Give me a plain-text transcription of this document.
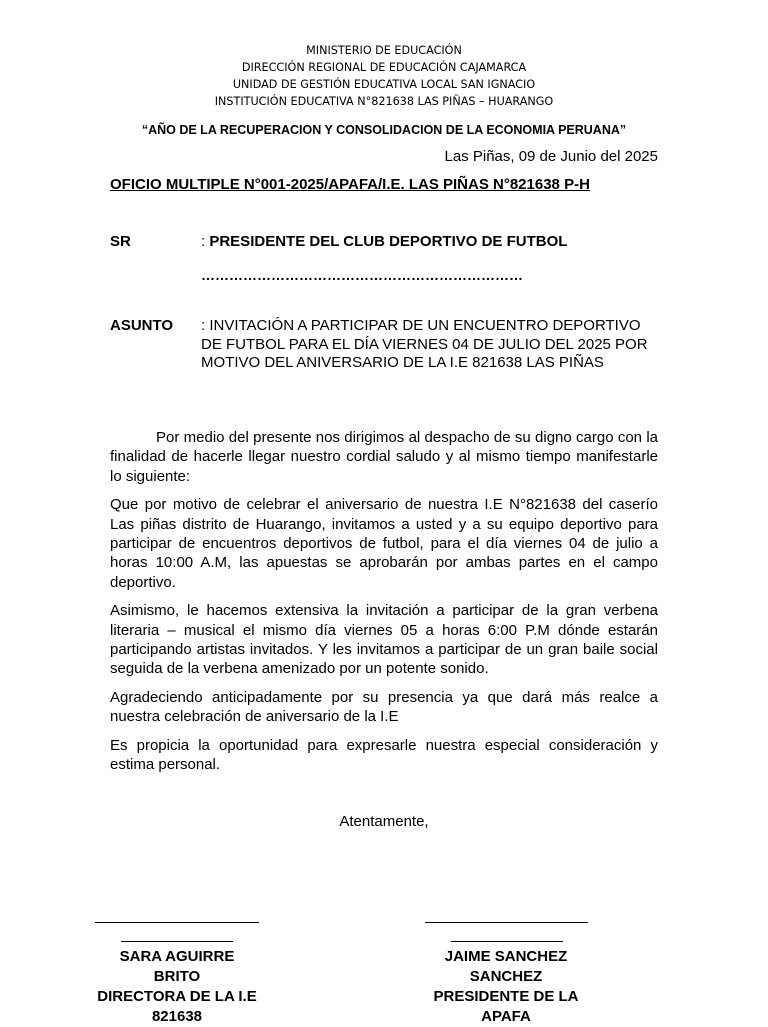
MINISTERIO DE EDUCACIÓN
DIRECCIÓN REGIONAL DE EDUCACIÓN CAJAMARCA
UNIDAD DE GESTIÓN EDUCATIVA LOCAL SAN IGNACIO
INSTITUCIÓN EDUCATIVA N°821638 LAS PIÑAS – HUARANGO
“AÑO DE LA RECUPERACION Y CONSOLIDACION DE LA ECONOMIA PERUANA”
Las Piñas, 09 de Junio del 2025
OFICIO MULTIPLE N°001-2025/APAFA/I.E. LAS PIÑAS N°821638 P-H
SR	: PRESIDENTE DEL CLUB DEPORTIVO DE FUTBOL
……………………………………………………………
ASUNTO : INVITACIÓN A PARTICIPAR DE UN ENCUENTRO DEPORTIVO DE FUTBOL PARA EL DÍA VIERNES 04 DE JULIO DEL 2025 POR MOTIVO DEL ANIVERSARIO DE LA I.E 821638 LAS PIÑAS

Por medio del presente nos dirigimos al despacho de su digno cargo con la finalidad de hacerle llegar nuestro cordial saludo y al mismo tiempo manifestarle lo siguiente:

Que por motivo de celebrar el aniversario de nuestra I.E N°821638 del caserío Las piñas distrito de Huarango, invitamos a usted y a su equipo deportivo para participar de encuentros deportivos de futbol, para el día viernes 04 de julio a horas 10:00 A.M, las apuestas se aprobarán por ambas partes en el campo deportivo.

Asimismo, le hacemos extensiva la invitación a participar de la gran verbena literaria – musical el mismo día viernes 05 a horas 6:00 P.M dónde estarán participando artistas invitados. Y les invitamos a participar de un gran baile social seguida de la verbena amenizado por un potente sonido.

Agradeciendo anticipadamente por su presencia ya que dará más realce a nuestra celebración de aniversario de la I.E

Es propicia la oportunidad para expresarle nuestra especial consideración y estima personal.

Atentamente,
SARA AGUIRRE
BRITO
DIRECTORA DE LA I.E
821638
JAIME SANCHEZ
SANCHEZ
PRESIDENTE DE LA
APAFA
